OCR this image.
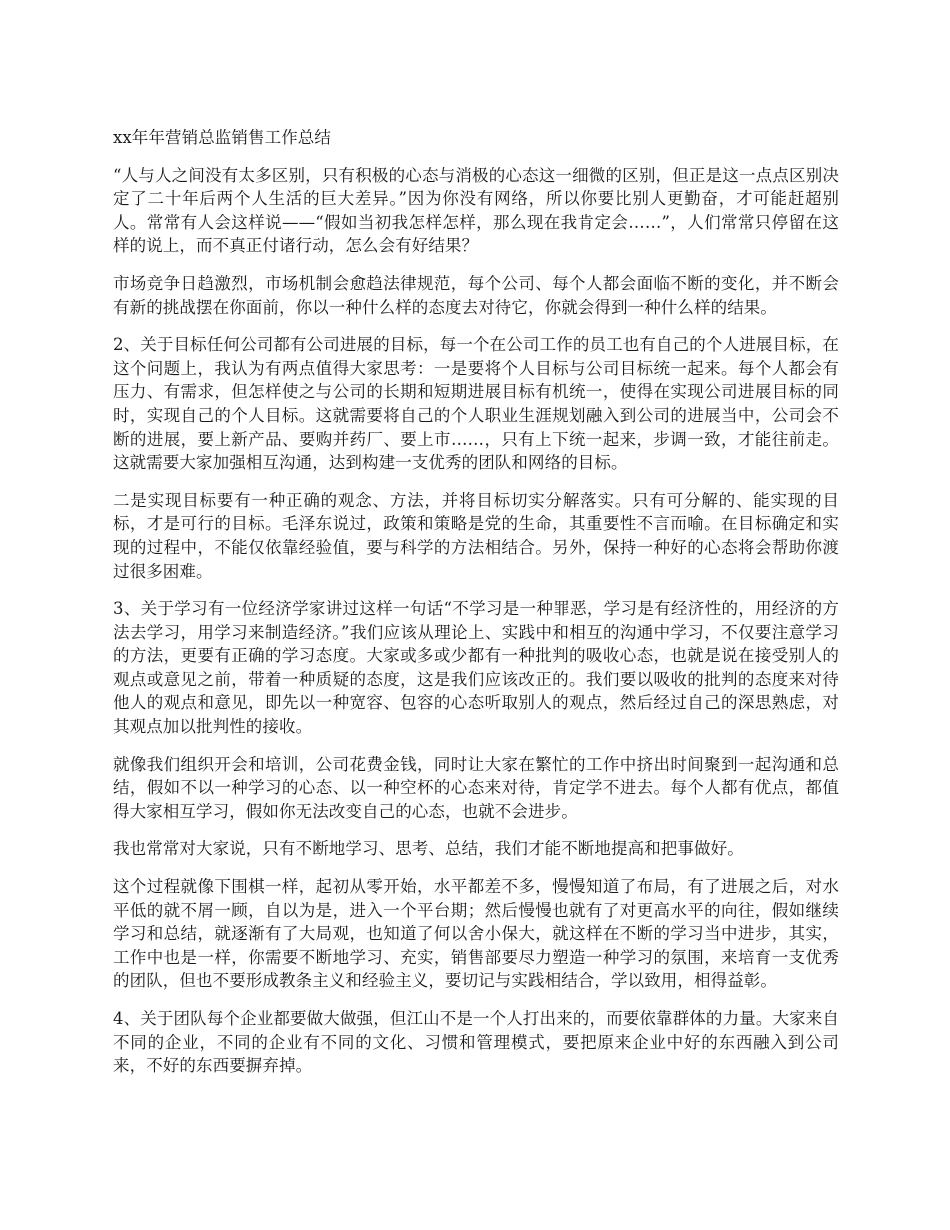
xx年年营销总监销售工作总结

“人与人之间没有太多区别，只有积极的心态与消极的心态这一细微的区别，但正是这一点点区别决定了二十年后两个人生活的巨大差异。”因为你没有网络，所以你要比别人更勤奋，才可能赶超别人。常常有人会这样说——“假如当初我怎样怎样，那么现在我肯定会……”，人们常常只停留在这样的说上，而不真正付诸行动，怎么会有好结果？

市场竞争日趋激烈，市场机制会愈趋法律规范，每个公司、每个人都会面临不断的变化，并不断会有新的挑战摆在你面前，你以一种什么样的态度去对待它，你就会得到一种什么样的结果。

2、关于目标任何公司都有公司进展的目标，每一个在公司工作的员工也有自己的个人进展目标，在这个问题上，我认为有两点值得大家思考：一是要将个人目标与公司目标统一起来。每个人都会有压力、有需求，但怎样使之与公司的长期和短期进展目标有机统一，使得在实现公司进展目标的同时，实现自己的个人目标。这就需要将自己的个人职业生涯规划融入到公司的进展当中，公司会不断的进展，要上新产品、要购并药厂、要上市……，只有上下统一起来，步调一致，才能往前走。这就需要大家加强相互沟通，达到构建一支优秀的团队和网络的目标。

二是实现目标要有一种正确的观念、方法，并将目标切实分解落实。只有可分解的、能实现的目标，才是可行的目标。毛泽东说过，政策和策略是党的生命，其重要性不言而喻。在目标确定和实现的过程中，不能仅依靠经验值，要与科学的方法相结合。另外，保持一种好的心态将会帮助你渡过很多困难。

3、关于学习有一位经济学家讲过这样一句话“不学习是一种罪恶，学习是有经济性的，用经济的方法去学习，用学习来制造经济。”我们应该从理论上、实践中和相互的沟通中学习，不仅要注意学习的方法，更要有正确的学习态度。大家或多或少都有一种批判的吸收心态，也就是说在接受别人的观点或意见之前，带着一种质疑的态度，这是我们应该改正的。我们要以吸收的批判的态度来对待他人的观点和意见，即先以一种宽容、包容的心态听取别人的观点，然后经过自己的深思熟虑，对其观点加以批判性的接收。

就像我们组织开会和培训，公司花费金钱，同时让大家在繁忙的工作中挤出时间聚到一起沟通和总结，假如不以一种学习的心态、以一种空杯的心态来对待，肯定学不进去。每个人都有优点，都值得大家相互学习，假如你无法改变自己的心态，也就不会进步。

我也常常对大家说，只有不断地学习、思考、总结，我们才能不断地提高和把事做好。

这个过程就像下围棋一样，起初从零开始，水平都差不多，慢慢知道了布局，有了进展之后，对水平低的就不屑一顾，自以为是，进入一个平台期；然后慢慢也就有了对更高水平的向往，假如继续学习和总结，就逐渐有了大局观，也知道了何以舍小保大，就这样在不断的学习当中进步，其实，工作中也是一样，你需要不断地学习、充实，销售部要尽力塑造一种学习的氛围，来培育一支优秀的团队，但也不要形成教条主义和经验主义，要切记与实践相结合，学以致用，相得益彰。

4、关于团队每个企业都要做大做强，但江山不是一个人打出来的，而要依靠群体的力量。大家来自不同的企业，不同的企业有不同的文化、习惯和管理模式，要把原来企业中好的东西融入到公司来，不好的东西要摒弃掉。
